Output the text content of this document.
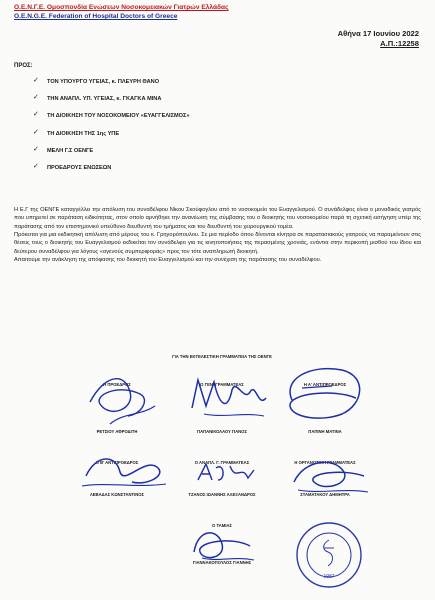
Ο.Ε.Ν.Γ.Ε. Ομοσπονδία Ενώσεων Νοσοκομειακών Γιατρών Ελλάδας
O.E.N.G.E. Federation of Hospital Doctors of Greece
Αθήνα 17 Ιουνίου 2022
Α.Π.:12258
ΠΡΟΣ:
✓ ΤΟΝ ΥΠΟΥΡΓΟ ΥΓΕΙΑΣ, κ. ΠΛΕΥΡΗ ΘΑΝΟ
✓ ΤΗΝ ΑΝΑΠΛ. ΥΠ. ΥΓΕΙΑΣ, κ. ΓΚΑΓΚΑ ΜΙΝΑ
✓ ΤΗ ΔΙΟΙΚΗΣΗ ΤΟΥ ΝΟΣΟΚΟΜΕΙΟΥ «ΕΥΑΓΓΕΛΙΣΜΟΣ»
✓ ΤΗ ΔΙΟΙΚΗΣΗ ΤΗΣ 1ης ΥΠΕ
✓ ΜΕΛΗ Γ.Σ ΟΕΝΓΕ
✓ ΠΡΟΕΔΡΟΥΣ ΕΝΩΣΕΩΝ

Η Ε.Γ της ΟΕΝΓΕ καταγγέλλει την απόλυση του συναδέλφου Νίκου Σκούφογλου από το νοσοκομείο του Ευαγγελισμού. Ο συνάδελφος είναι ο μοναδικός γιατρός που υπηρετεί σε παράταση ειδικότητας, στον οποίο αρνήθηκε την ανανέωση της σύμβασης του ο διοικητής του νοσοκομείου παρά τη σχετική εισήγηση υπέρ της παράτασης από τον επιστημονικό υπεύθυνο διευθυντή του τμήματος και του διευθυντή του χειρουργικού τομέα.

Πρόκειται για μια εκδικητική απόλυση από μέρους του κ. Γρηγορόπουλου. Σε μια περίοδο όπου δίνονται κίνητρα σε παρατασιακούς γιατρούς να παραμείνουν στις θέσεις τους ο διοικητής του Ευαγγελισμού εκδικείται τον συνάδελφο για τις κινητοποιήσεις της περασμένης χρονιάς, ενάντια στην περικοπή μισθού του ίδιου και δεύτερου συναδέλφου για λόγους «αγενούς συμπεριφοράς» προς τον τότε αναπληρωτή διοικητή.

Απαιτούμε την ανάκληση της απόφασης του διοικητή του Ευαγγελισμού και την συνέχιση της παράτασης του συναδέλφου.

ΓΙΑ ΤΗΝ ΕΚΤΕΛΕΣΤΙΚΗ ΓΡΑΜΜΑΤΕΙΑ ΤΗΣ ΟΕΝΓΕ
Η ΠΡΟΕΔΡΟΣ	Ο ΓΕΝ. ΓΡΑΜΜΑΤΕΑΣ	Η Α' ΑΝΤΙΠΡΟΕΔΡΟΣ
ΡΕΤΣΙΟΥ ΑΦΡΟΔΙΤΗ	ΠΑΠΑΝΙΚΟΛΑΟΥ ΠΑΝΟΣ	ΠΑΠΙΝΗ ΜΑΤΙΝΑ
Ο Β' ΑΝΤΙΠΡΟΕΔΡΟΣ	Ο ΑΝΑΠΛ. Γ. ΓΡΑΜΜΑΤΕΑΣ	Η ΟΡΓΑΝΩΤΙΚΗ ΓΡΑΜΜΑΤΕΑΣ
ΛΕΒΑΔΑΣ ΚΩΝΣΤΑΝΤΙΝΟΣ	ΤΖΑΝΟΣ ΙΩΑΝΝΗΣ ΑΛΕΞΑΝΔΡΟΣ	ΣΤΑΜΑΤΑΚΟΥ ΔΗΜΗΤΡΑ
Ο ΤΑΜΙΑΣ
ΓΙΑΝΝΑΚΟΠΟΥΛΟΣ ΓΙΑΝΝΗΣ
1987
